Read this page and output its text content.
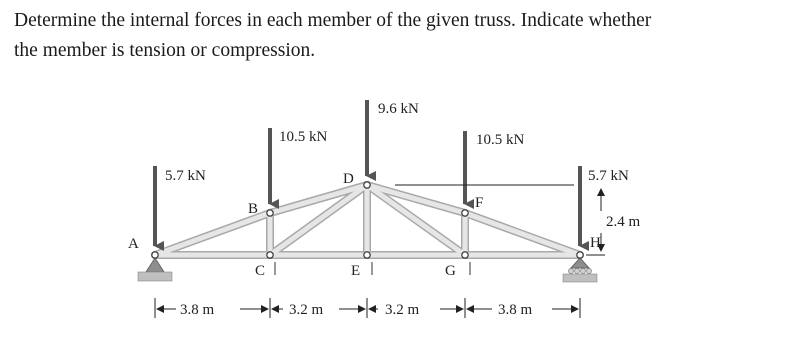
Determine the internal forces in each member of the given truss. Indicate whether

the member is tension or compression.

5.7 kN
10.5 kN
9.6 kN
10.5 kN
5.7 kN
A
B
C
D
E
F
G
H
2.4 m
3.8 m	3.2 m	3.2 m	3.8 m
